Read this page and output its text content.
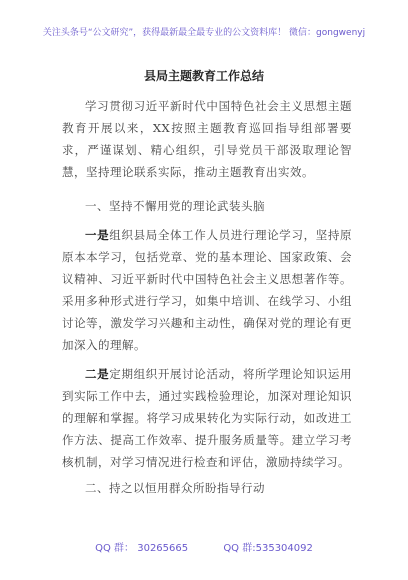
关注头条号“公文研究”，获得最新最全最专业的公文资料库！ 微信：gongwenyj
县局主题教育工作总结
学习贯彻习近平新时代中国特色社会主义思想主题教育开展以来，XX按照主题教育巡回指导组部署要求，严谨谋划、精心组织，引导党员干部汲取理论智慧，坚持理论联系实际，推动主题教育出实效。
一、坚持不懈用党的理论武装头脑
一是组织县局全体工作人员进行理论学习，坚持原原本本学习，包括党章、党的基本理论、国家政策、会议精神、习近平新时代中国特色社会主义思想著作等。采用多种形式进行学习，如集中培训、在线学习、小组讨论等，激发学习兴趣和主动性，确保对党的理论有更加深入的理解。
二是定期组织开展讨论活动，将所学理论知识运用到实际工作中去，通过实践检验理论，加深对理论知识的理解和掌握。将学习成果转化为实际行动，如改进工作方法、提高工作效率、提升服务质量等。建立学习考核机制，对学习情况进行检查和评估，激励持续学习。
二、持之以恒用群众所盼指导行动
QQ 群： 30265665	QQ 群:535304092
